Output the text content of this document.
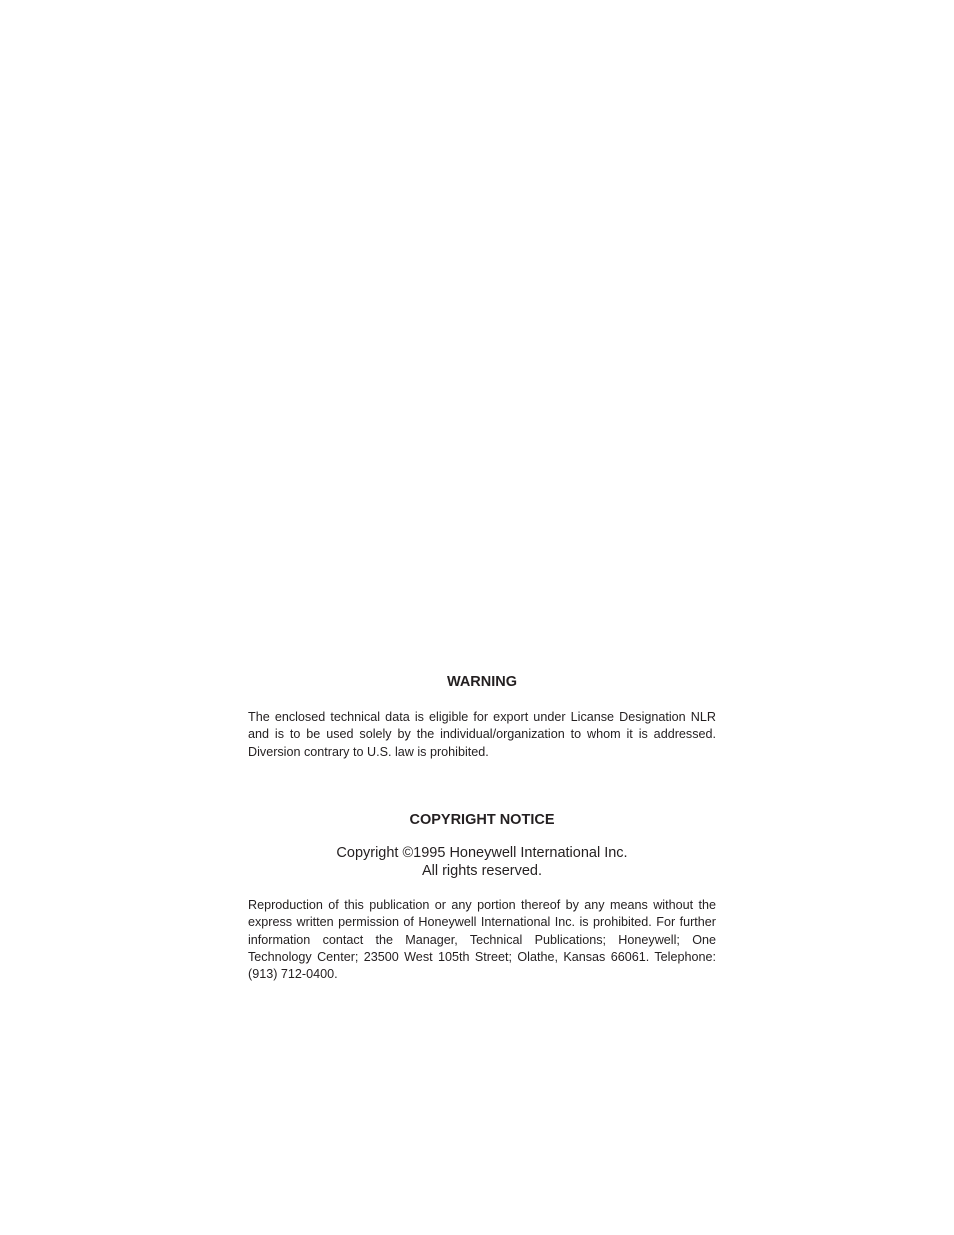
WARNING

The enclosed technical data is eligible for export under Licanse Designation NLR and is to be used solely by the individual/organization to whom it is addressed. Diversion contrary to U.S. law is prohibited.

COPYRIGHT NOTICE

Copyright ©1995 Honeywell International Inc.

All rights reserved.

Reproduction of this publication or any portion thereof by any means without the express written permission of Honeywell International Inc. is prohibited. For further information contact the Manager, Technical Publications; Honeywell; One Technology Center; 23500 West 105th Street; Olathe, Kansas 66061. Telephone: (913) 712-0400.
